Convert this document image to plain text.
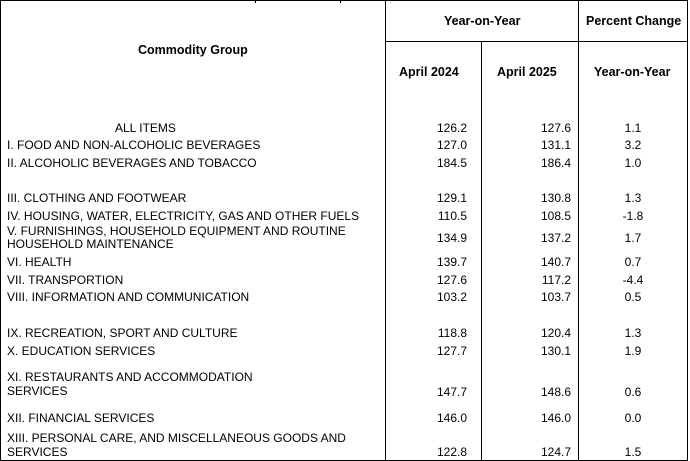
Commodity Group
Year-on-Year	Percent Change
April 2024	April 2025	Year-on-Year
ALL ITEMS	126.2	127.6	1.1
I. FOOD AND NON-ALCOHOLIC BEVERAGES	127.0	131.1	3.2
II. ALCOHOLIC BEVERAGES AND TOBACCO	184.5	186.4	1.0
III. CLOTHING AND FOOTWEAR	129.1	130.8	1.3
IV. HOUSING, WATER, ELECTRICITY, GAS AND OTHER FUELS	110.5	108.5	-1.8
V. FURNISHINGS, HOUSEHOLD EQUIPMENT AND ROUTINE
HOUSEHOLD MAINTENANCE	134.9	137.2	1.7
VI. HEALTH	139.7	140.7	0.7
VII. TRANSPORTION	127.6	117.2	-4.4
VIII. INFORMATION AND COMMUNICATION	103.2	103.7	0.5
IX. RECREATION, SPORT AND CULTURE	118.8	120.4	1.3
X. EDUCATION SERVICES	127.7	130.1	1.9
XI. RESTAURANTS AND ACCOMMODATION
SERVICES	147.7	148.6	0.6
XII. FINANCIAL SERVICES	146.0	146.0	0.0
XIII. PERSONAL CARE, AND MISCELLANEOUS GOODS AND
SERVICES	122.8	124.7	1.5
